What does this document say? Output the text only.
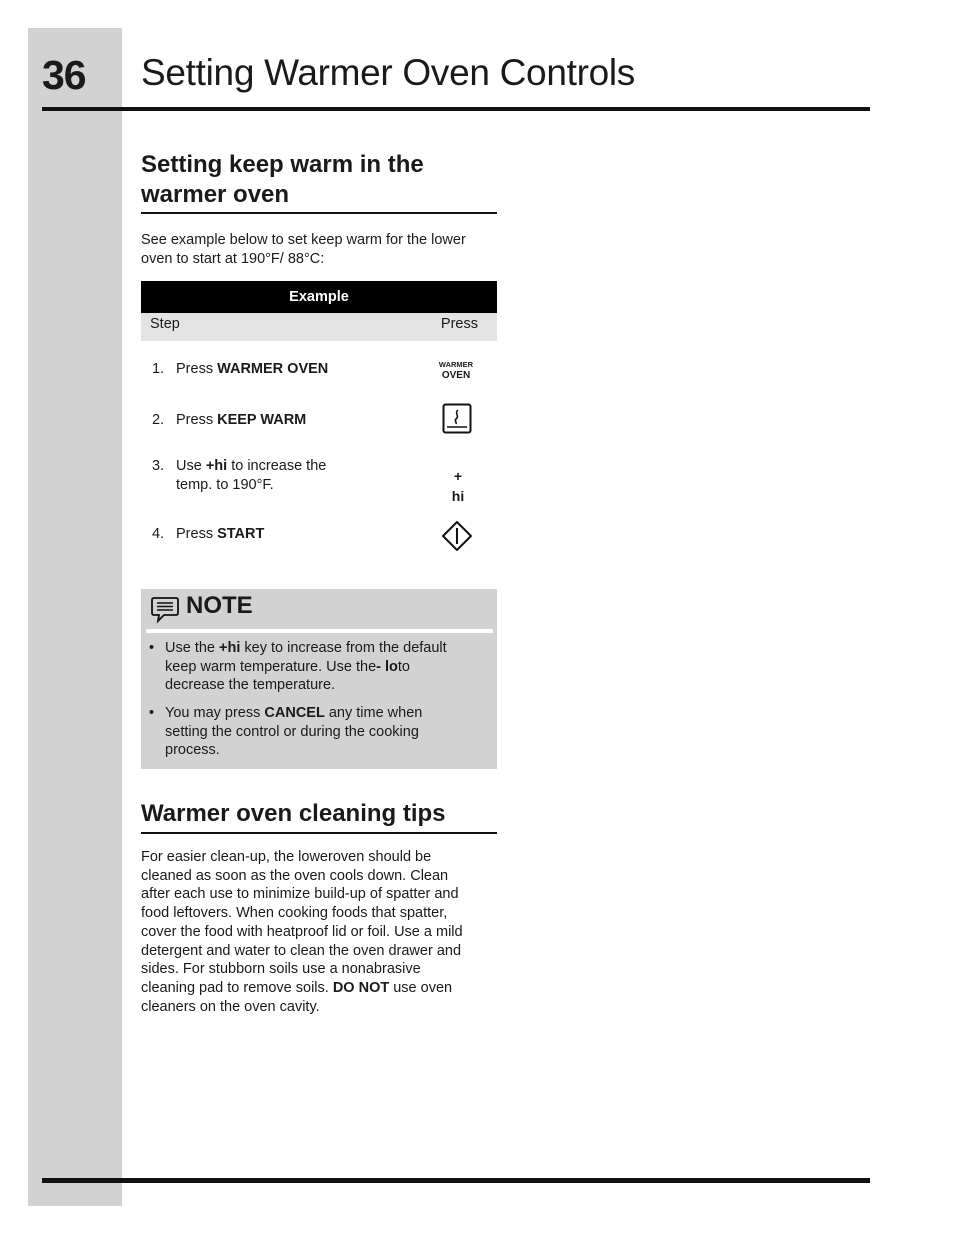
36 Setting Warmer Oven Controls

Setting keep warm in the
warmer oven

See example below to set keep warm for the lower
oven to start at 190°F/ 88°C:

Example
Step	Press
1. Press WARMER OVEN	WARMER
OVEN
2. Press KEEP WARM
3. Use +hi to increase the
temp. to 190°F.
+
hi
4. Press START
NOTE
• Use the +hi key to increase from the default
keep warm temperature. Use the- loto
decrease the temperature.
• You may press CANCEL any time when
setting the control or during the cooking
process.

Warmer oven cleaning tips

For easier clean-up, the loweroven should be
cleaned as soon as the oven cools down. Clean
after each use to minimize build-up of spatter and
food leftovers. When cooking foods that spatter,
cover the food with heatproof lid or foil. Use a mild
detergent and water to clean the oven drawer and
sides. For stubborn soils use a nonabrasive
cleaning pad to remove soils. DO NOT use oven
cleaners on the oven cavity.
